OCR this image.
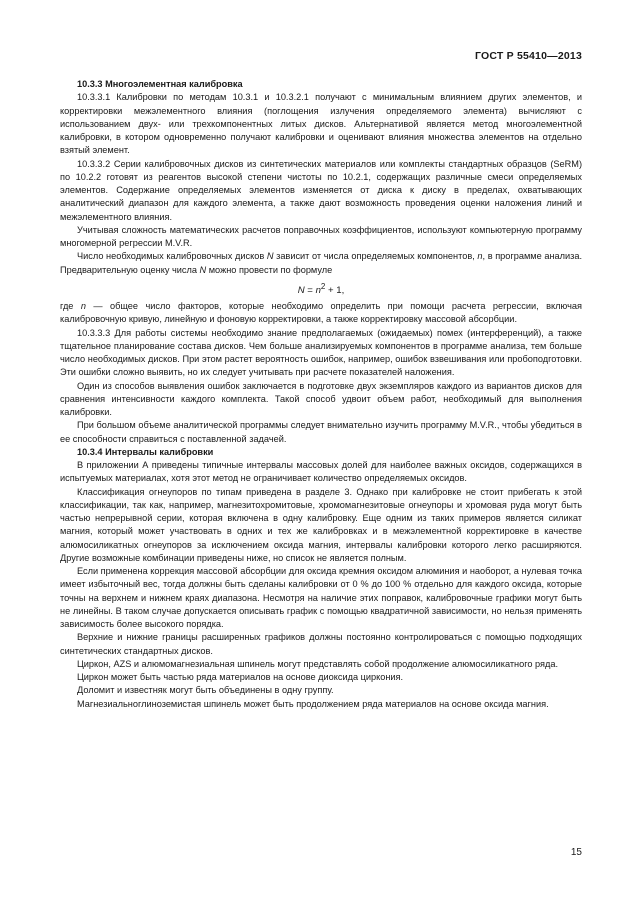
ГОСТ Р 55410—2013

10.3.3 Многоэлементная калибровка

10.3.3.1 Калибровки по методам 10.3.1 и 10.3.2.1 получают с минимальным влиянием других элементов, и корректировки межэлементного влияния (поглощения излучения определяемого элемента) вычисляют с использованием двух- или трехкомпонентных литых дисков. Альтернативой является метод многоэлементной калибровки, в котором одновременно получают калибровки и оценивают влияния множества элементов на отдельно взятый элемент.

10.3.3.2 Серии калибровочных дисков из синтетических материалов или комплекты стандартных образцов (SeRM) по 10.2.2 готовят из реагентов высокой степени чистоты по 10.2.1, содержащих различные смеси определяемых элементов. Содержание определяемых элементов изменяется от диска к диску в пределах, охватывающих аналитический диапазон для каждого элемента, а также дают возможность проведения оценки наложения линий и межэлементного влияния.

Учитывая сложность математических расчетов поправочных коэффициентов, используют компьютерную программу многомерной регрессии M.V.R.

Число необходимых калибровочных дисков N зависит от числа определяемых компонентов, n, в программе анализа. Предварительную оценку числа N можно провести по формуле

$N = n^2 + 1$,

где n — общее число факторов, которые необходимо определить при помощи расчета регрессии, включая калибровочную кривую, линейную и фоновую корректировки, а также корректировку массовой абсорбции.

10.3.3.3 Для работы системы необходимо знание предполагаемых (ожидаемых) помех (интерференций), а также тщательное планирование состава дисков. Чем больше анализируемых компонентов в программе анализа, тем больше число необходимых дисков. При этом растет вероятность ошибок, например, ошибок взвешивания или пробоподготовки. Эти ошибки сложно выявить, но их следует учитывать при расчете показателей наложения.

Один из способов выявления ошибок заключается в подготовке двух экземпляров каждого из вариантов дисков для сравнения интенсивности каждого комплекта. Такой способ удвоит объем работ, необходимый для выполнения калибровки.

При большом объеме аналитической программы следует внимательно изучить программу M.V.R., чтобы убедиться в ее способности справиться с поставленной задачей.

10.3.4 Интервалы калибровки

В приложении А приведены типичные интервалы массовых долей для наиболее важных оксидов, содержащихся в испытуемых материалах, хотя этот метод не ограничивает количество определяемых оксидов.

Классификация огнеупоров по типам приведена в разделе 3. Однако при калибровке не стоит прибегать к этой классификации, так как, например, магнезитохромитовые, хромомагнезитовые огнеупоры и хромовая руда могут быть частью непрерывной серии, которая включена в одну калибровку. Еще одним из таких примеров является силикат магния, который может участвовать в одних и тех же калибровках и в межэлементной корректировке в качестве алюмосиликатных огнеупоров за исключением оксида магния, интервалы калибровки которого легко расширяются. Другие возможные комбинации приведены ниже, но список не является полным.

Если применена коррекция массовой абсорбции для оксида кремния оксидом алюминия и наоборот, а нулевая точка имеет избыточный вес, тогда должны быть сделаны калибровки от 0 % до 100 % отдельно для каждого оксида, которые точны на верхнем и нижнем краях диапазона. Несмотря на наличие этих поправок, калибровочные графики могут быть не линейны. В таком случае допускается описывать график с помощью квадратичной зависимости, но нельзя применять зависимость более высокого порядка.

Верхние и нижние границы расширенных графиков должны постоянно контролироваться с помощью подходящих синтетических стандартных дисков.

Циркон, AZS и алюмомагнезиальная шпинель могут представлять собой продолжение алюмосиликатного ряда.

Циркон может быть частью ряда материалов на основе диоксида циркония.

Доломит и известняк могут быть объединены в одну группу.

Магнезиальноглиноземистая шпинель может быть продолжением ряда материалов на основе оксида магния.

15
